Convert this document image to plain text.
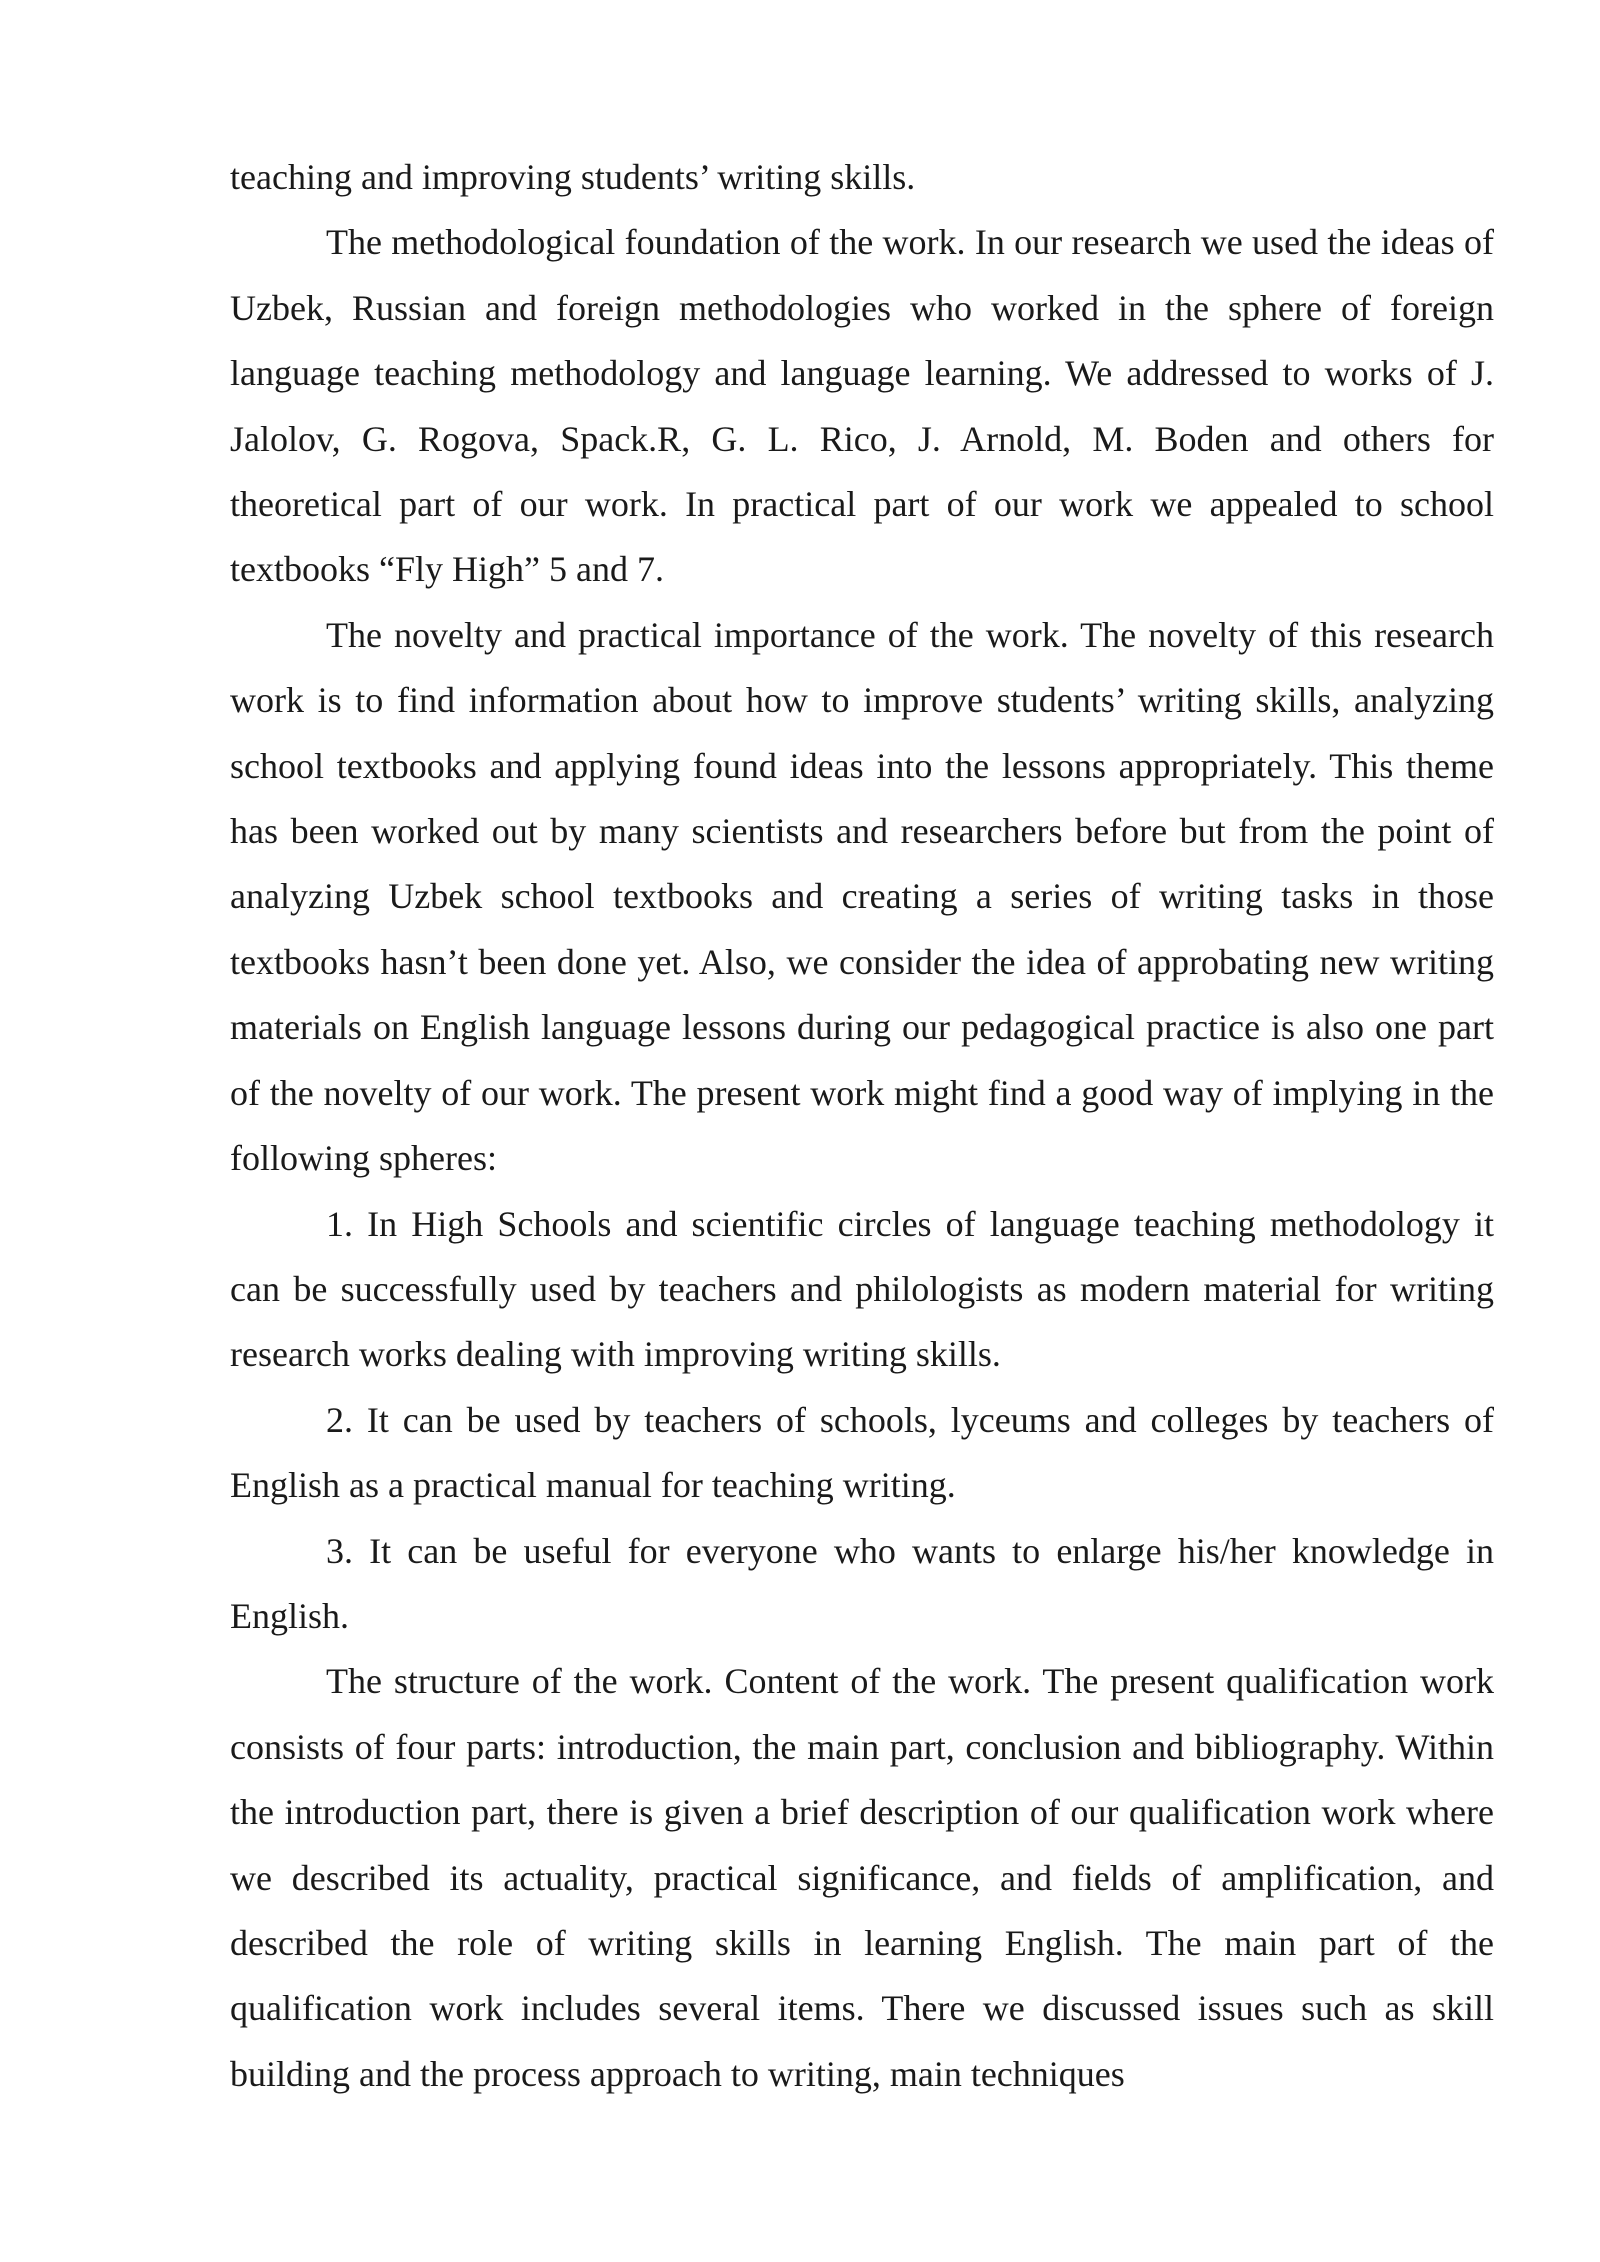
teaching and improving students’ writing skills.

The methodological foundation of the work. In our research we used the ideas of Uzbek, Russian and foreign methodologies who worked in the sphere of foreign language teaching methodology and language learning. We addressed to works of J. Jalolov, G. Rogova, Spack.R, G. L. Rico, J. Arnold, M. Boden and others for theoretical part of our work. In practical part of our work we appealed to school textbooks “Fly High” 5 and 7.

The novelty and practical importance of the work. The novelty of this research work is to find information about how to improve students’ writing skills, analyzing school textbooks and applying found ideas into the lessons appropriately. This theme has been worked out by many scientists and researchers before but from the point of analyzing Uzbek school textbooks and creating a series of writing tasks in those textbooks hasn’t been done yet. Also, we consider the idea of approbating new writing materials on English language lessons during our pedagogical practice is also one part of the novelty of our work. The present work might find a good way of implying in the following spheres:

1. In High Schools and scientific circles of language teaching methodology it can be successfully used by teachers and philologists as modern material for writing research works dealing with improving writing skills.

2. It can be used by teachers of schools, lyceums and colleges by teachers of English as a practical manual for teaching writing.

3. It can be useful for everyone who wants to enlarge his/her knowledge in English.

The structure of the work. Content of the work. The present qualification work consists of four parts: introduction, the main part, conclusion and bibliography. Within the introduction part, there is given a brief description of our qualification work where we described its actuality, practical significance, and fields of amplification, and described the role of writing skills in learning English. The main part of the qualification work includes several items. There we discussed issues such as skill building and the process approach to writing, main techniques
